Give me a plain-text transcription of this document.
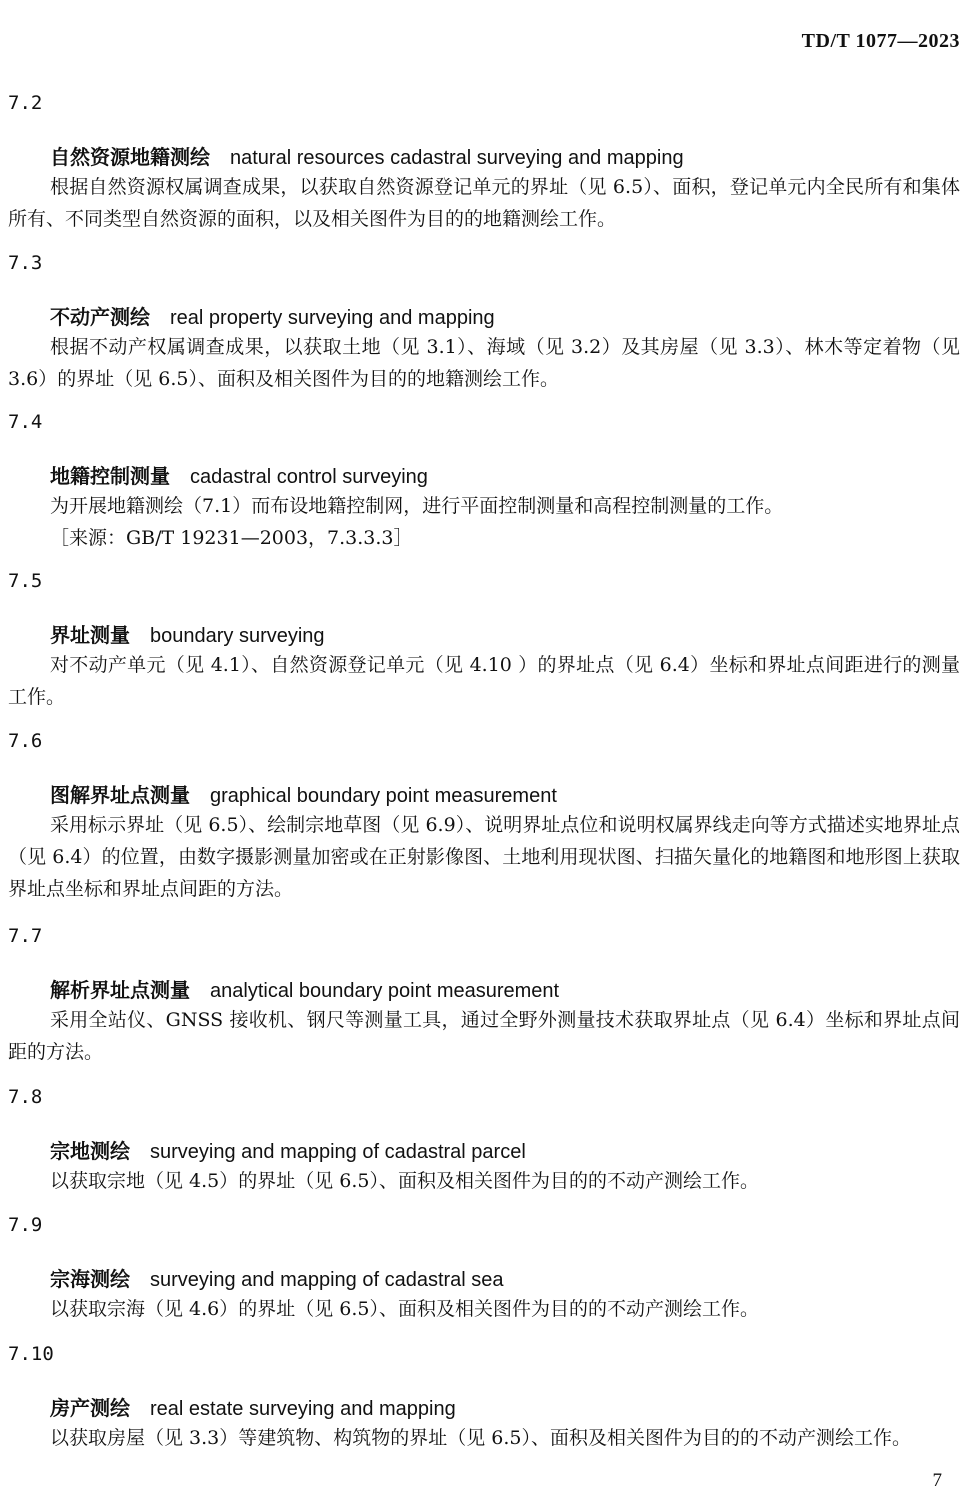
TD/T 1077—2023
7.2
自然资源地籍测绘 natural resources cadastral surveying and mapping
根据自然资源权属调查成果，以获取自然资源登记单元的界址（见 6.5）、面积，登记单元内全民所有和集体所有、不同类型自然资源的面积，以及相关图件为目的的地籍测绘工作。
7.3
不动产测绘 real property surveying and mapping
根据不动产权属调查成果，以获取土地（见 3.1）、海域（见 3.2）及其房屋（见 3.3）、林木等定着物（见 3.6）的界址（见 6.5）、面积及相关图件为目的的地籍测绘工作。
7.4
地籍控制测量 cadastral control surveying
为开展地籍测绘（7.1）而布设地籍控制网，进行平面控制测量和高程控制测量的工作。
［来源：GB/T 19231—2003，7.3.3.3］
7.5
界址测量 boundary surveying
对不动产单元（见 4.1）、自然资源登记单元（见 4.10 ）的界址点（见 6.4）坐标和界址点间距进行的测量工作。
7.6
图解界址点测量 graphical boundary point measurement
采用标示界址（见 6.5）、绘制宗地草图（见 6.9）、说明界址点位和说明权属界线走向等方式描述实地界址点（见 6.4）的位置，由数字摄影测量加密或在正射影像图、土地利用现状图、扫描矢量化的地籍图和地形图上获取界址点坐标和界址点间距的方法。
7.7
解析界址点测量 analytical boundary point measurement
采用全站仪、GNSS 接收机、钢尺等测量工具，通过全野外测量技术获取界址点（见 6.4）坐标和界址点间距的方法。
7.8
宗地测绘 surveying and mapping of cadastral parcel
以获取宗地（见 4.5）的界址（见 6.5）、面积及相关图件为目的的不动产测绘工作。
7.9
宗海测绘 surveying and mapping of cadastral sea
以获取宗海（见 4.6）的界址（见 6.5）、面积及相关图件为目的的不动产测绘工作。
7.10
房产测绘 real estate surveying and mapping
以获取房屋（见 3.3）等建筑物、构筑物的界址（见 6.5）、面积及相关图件为目的的不动产测绘工作。
7
